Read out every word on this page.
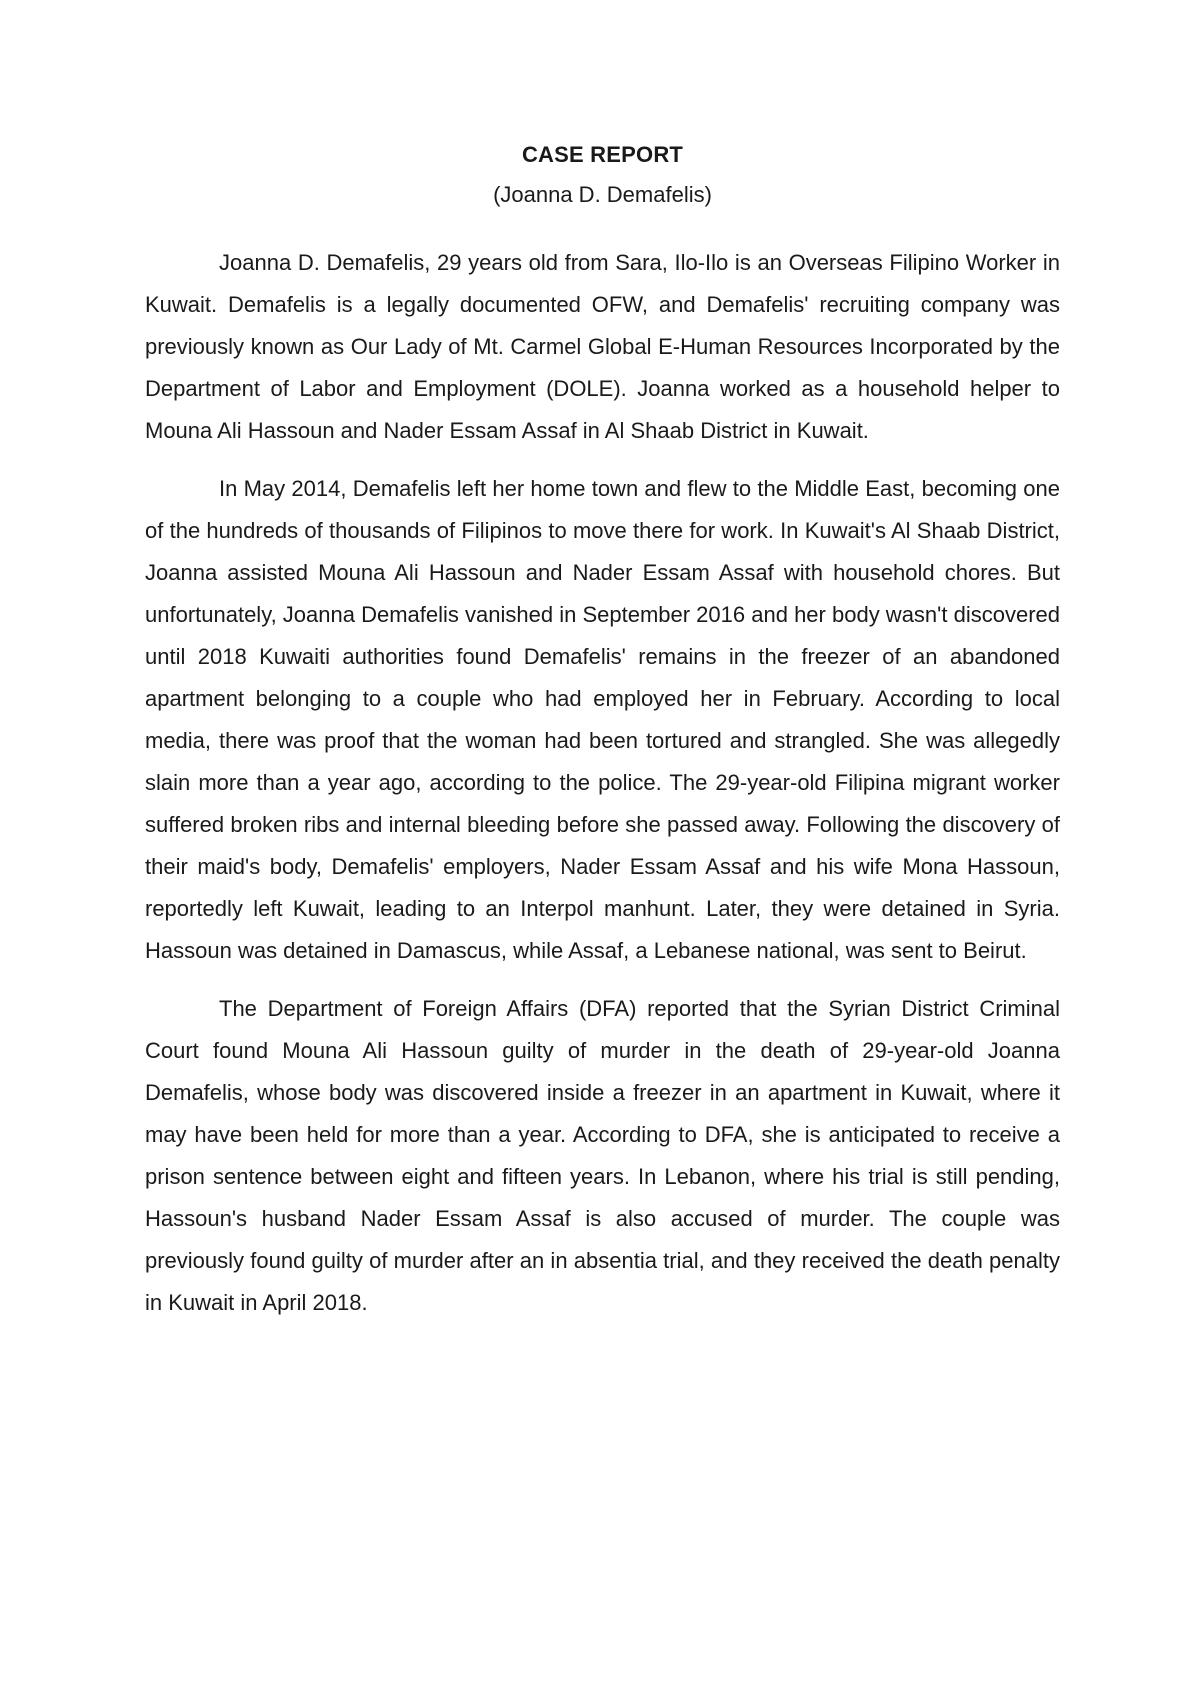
CASE REPORT

(Joanna D. Demafelis)

Joanna D. Demafelis, 29 years old from Sara, Ilo-Ilo is an Overseas Filipino Worker in Kuwait. Demafelis is a legally documented OFW, and Demafelis' recruiting company was previously known as Our Lady of Mt. Carmel Global E-Human Resources Incorporated by the Department of Labor and Employment (DOLE). Joanna worked as a household helper to Mouna Ali Hassoun and Nader Essam Assaf in Al Shaab District in Kuwait.

In May 2014, Demafelis left her home town and flew to the Middle East, becoming one of the hundreds of thousands of Filipinos to move there for work. In Kuwait's Al Shaab District, Joanna assisted Mouna Ali Hassoun and Nader Essam Assaf with household chores. But unfortunately, Joanna Demafelis vanished in September 2016 and her body wasn't discovered until 2018 Kuwaiti authorities found Demafelis' remains in the freezer of an abandoned apartment belonging to a couple who had employed her in February. According to local media, there was proof that the woman had been tortured and strangled. She was allegedly slain more than a year ago, according to the police. The 29-year-old Filipina migrant worker suffered broken ribs and internal bleeding before she passed away. Following the discovery of their maid's body, Demafelis' employers, Nader Essam Assaf and his wife Mona Hassoun, reportedly left Kuwait, leading to an Interpol manhunt. Later, they were detained in Syria. Hassoun was detained in Damascus, while Assaf, a Lebanese national, was sent to Beirut.

The Department of Foreign Affairs (DFA) reported that the Syrian District Criminal Court found Mouna Ali Hassoun guilty of murder in the death of 29-year-old Joanna Demafelis, whose body was discovered inside a freezer in an apartment in Kuwait, where it may have been held for more than a year. According to DFA, she is anticipated to receive a prison sentence between eight and fifteen years. In Lebanon, where his trial is still pending, Hassoun's husband Nader Essam Assaf is also accused of murder. The couple was previously found guilty of murder after an in absentia trial, and they received the death penalty in Kuwait in April 2018.
